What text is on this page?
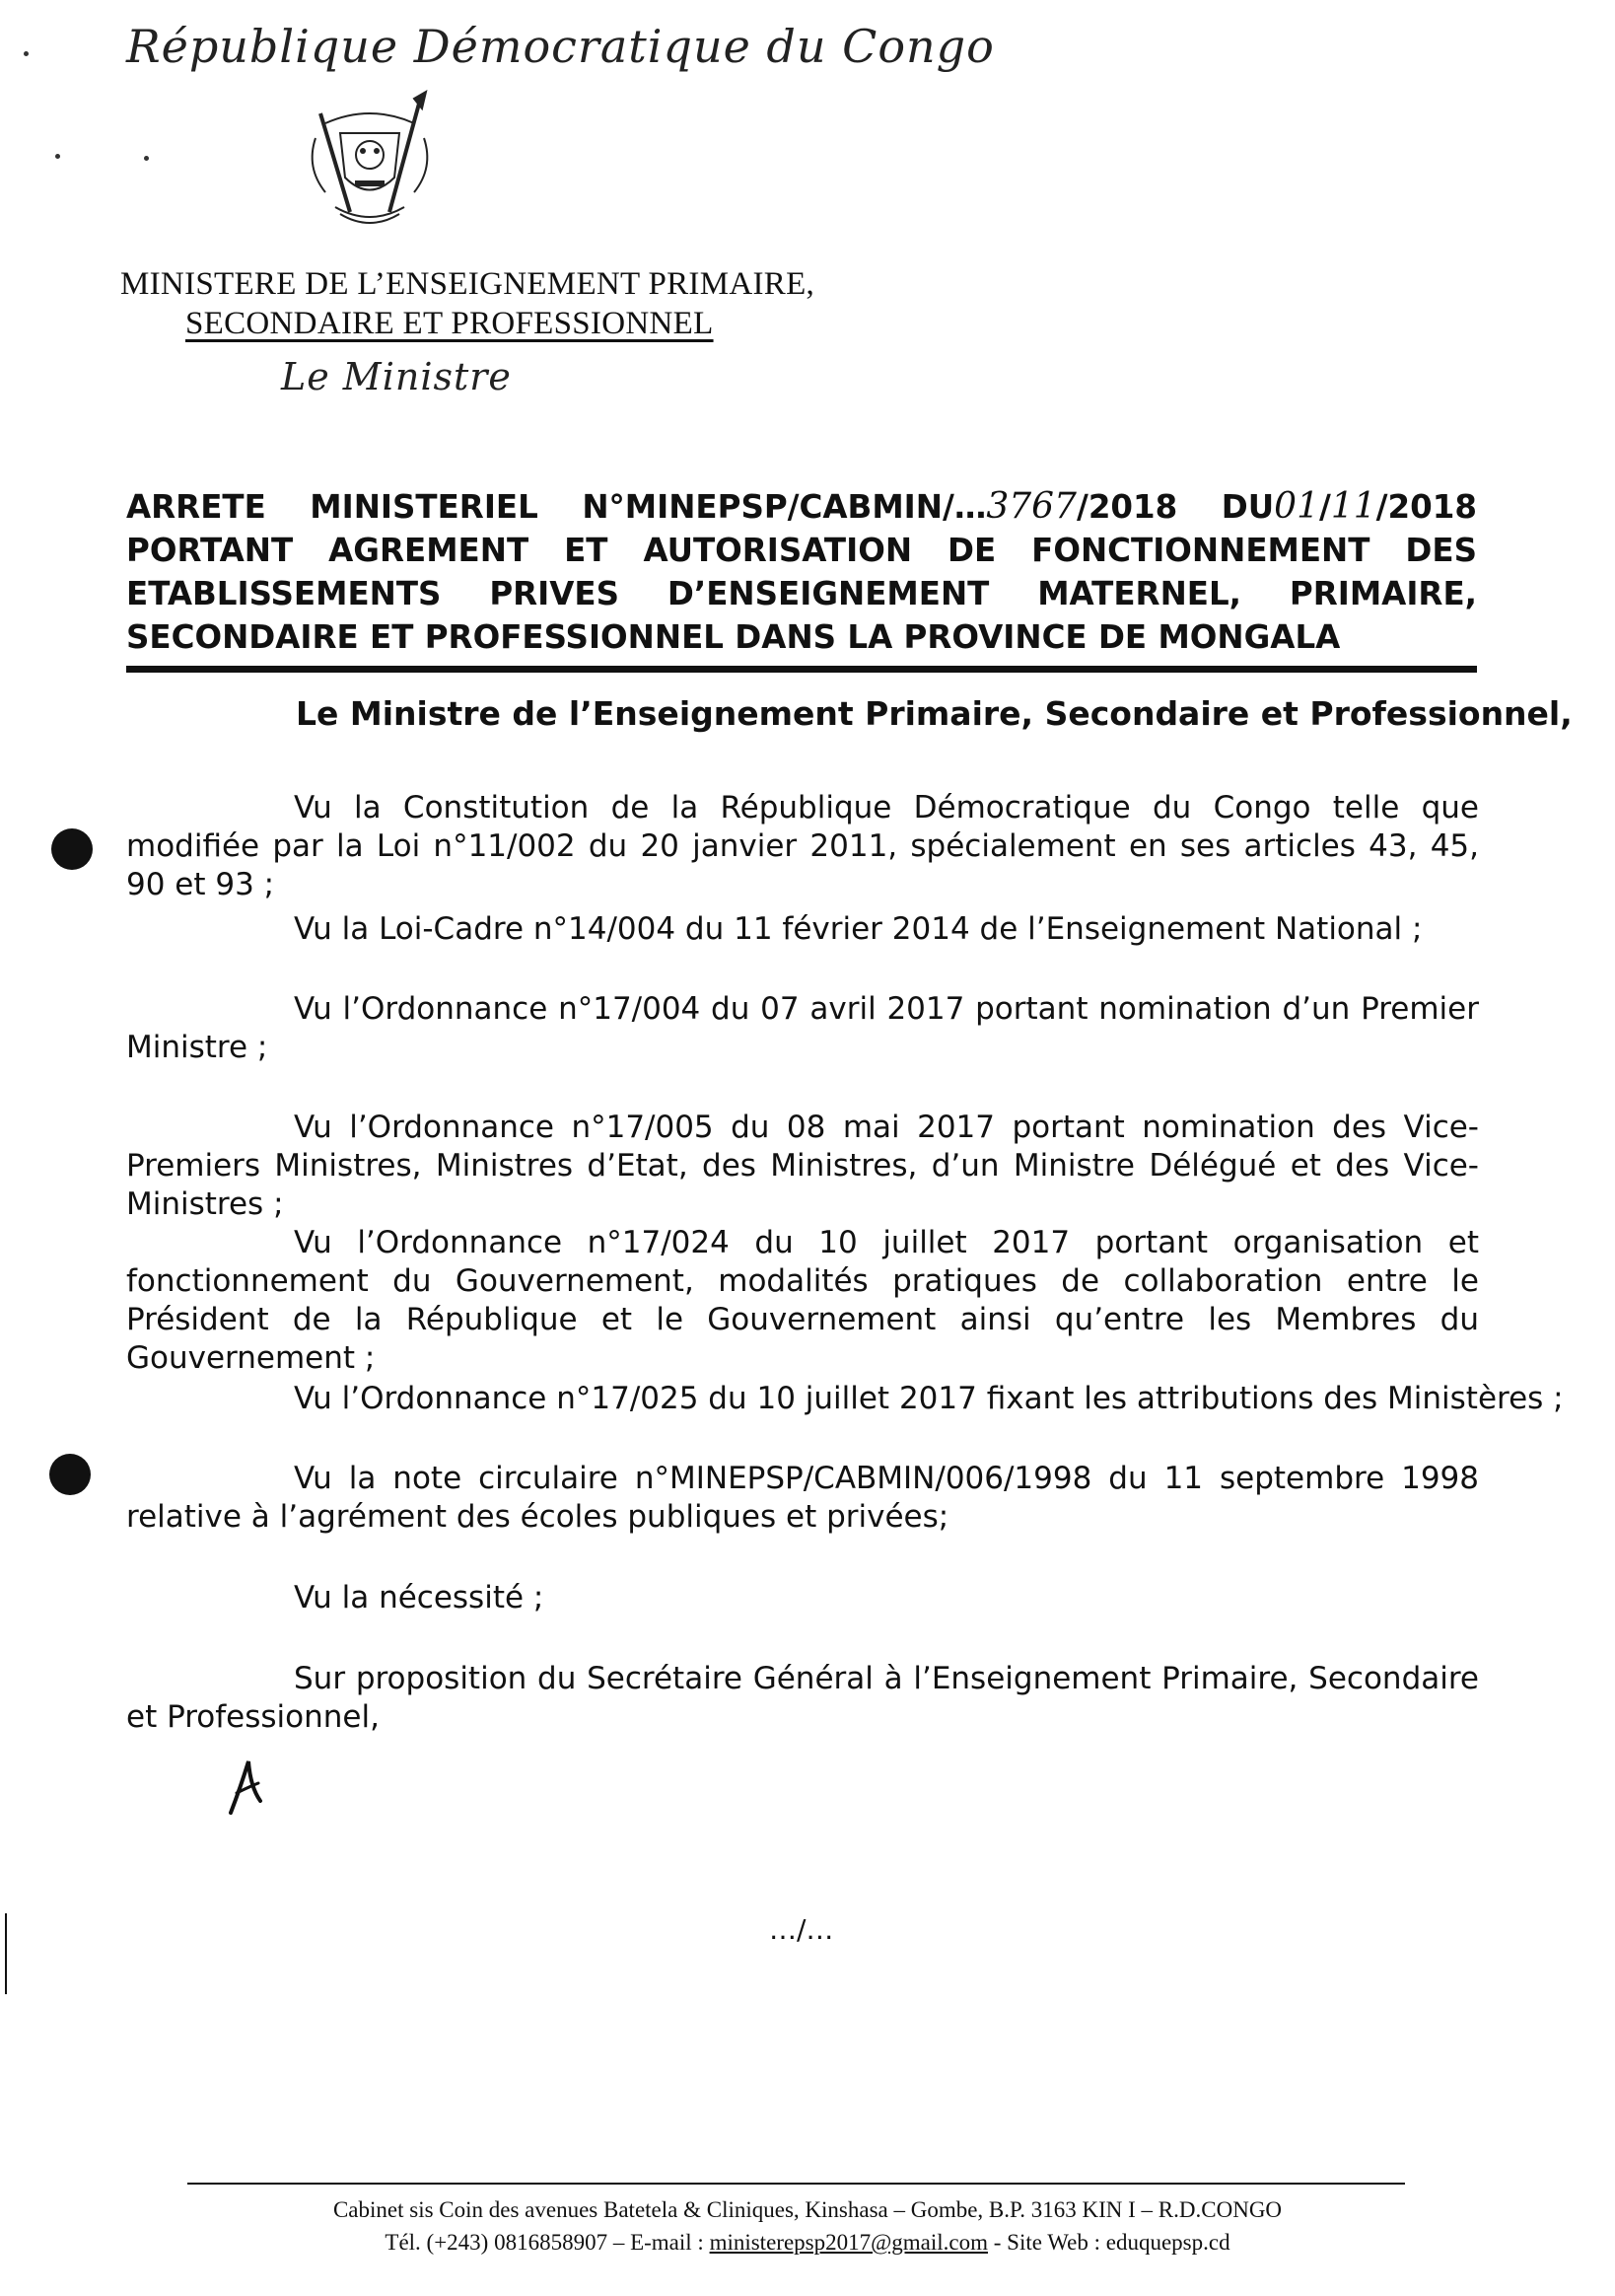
République Démocratique du Congo
MINISTERE DE L’ENSEIGNEMENT PRIMAIRE,
SECONDAIRE ET PROFESSIONNEL
Le Ministre
ARRETE MINISTERIEL N°MINEPSP/CABMIN/…3767/2018 DU01/11/2018
PORTANT AGREMENT ET AUTORISATION DE FONCTIONNEMENT DES
ETABLISSEMENTS PRIVES D’ENSEIGNEMENT MATERNEL, PRIMAIRE,
SECONDAIRE ET PROFESSIONNEL DANS LA PROVINCE DE MONGALA
Le Ministre de l’Enseignement Primaire, Secondaire et Professionnel,
Vu la Constitution de la République Démocratique du Congo telle que modifiée par la Loi n°11/002 du 20 janvier 2011, spécialement en ses articles 43, 45, 90 et 93 ;
Vu la Loi-Cadre n°14/004 du 11 février 2014 de l’Enseignement National ;
Vu l’Ordonnance n°17/004 du 07 avril 2017 portant nomination d’un Premier Ministre ;
Vu l’Ordonnance n°17/005 du 08 mai 2017 portant nomination des Vice-Premiers Ministres, Ministres d’Etat, des Ministres, d’un Ministre Délégué et des Vice-Ministres ;
Vu l’Ordonnance n°17/024 du 10 juillet 2017 portant organisation et fonctionnement du Gouvernement, modalités pratiques de collaboration entre le Président de la République et le Gouvernement ainsi qu’entre les Membres du Gouvernement ;
Vu l’Ordonnance n°17/025 du 10 juillet 2017 fixant les attributions des Ministères ;
Vu la note circulaire n°MINEPSP/CABMIN/006/1998 du 11 septembre 1998 relative à l’agrément des écoles publiques et privées;
Vu la nécessité ;
Sur proposition du Secrétaire Général à l’Enseignement Primaire, Secondaire et Professionnel,
…/…
Cabinet sis Coin des avenues Batetela & Cliniques, Kinshasa – Gombe, B.P. 3163 KIN I – R.D.CONGO
Tél. (+243) 0816858907 – E-mail : ministerepsp2017@gmail.com - Site Web : eduquepsp.cd
